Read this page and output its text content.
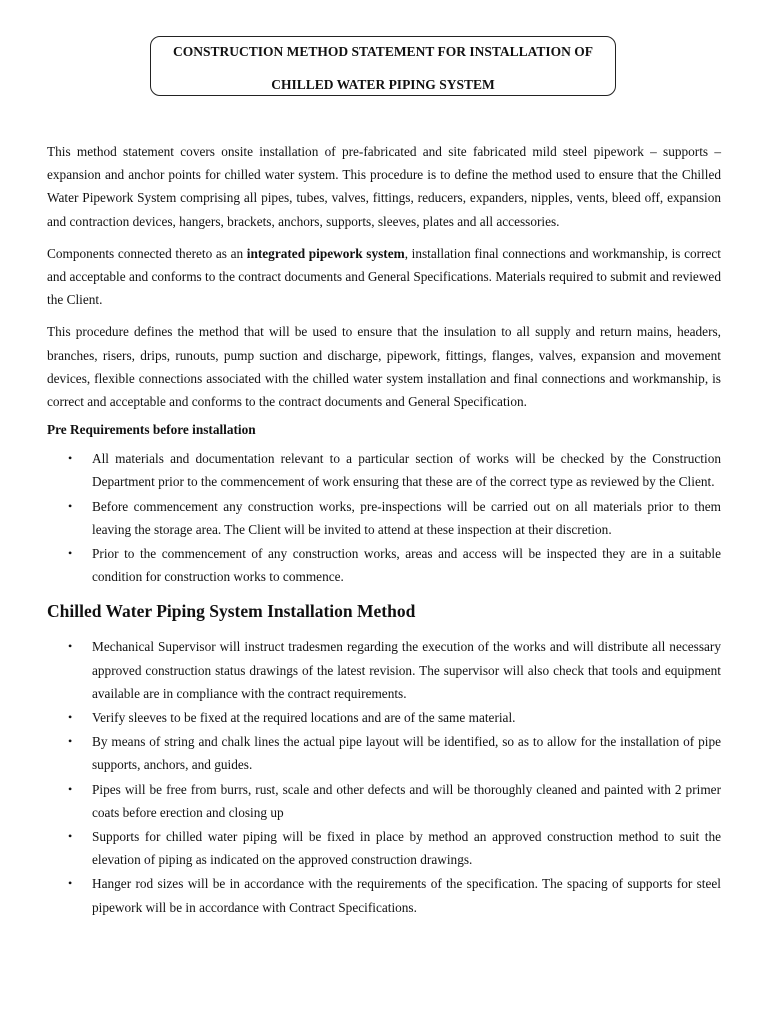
CONSTRUCTION METHOD STATEMENT FOR INSTALLATION OF
CHILLED WATER PIPING SYSTEM

This method statement covers onsite installation of pre-fabricated and site fabricated mild steel pipework – supports – expansion and anchor points for chilled water system. This procedure is to define the method used to ensure that the Chilled Water Pipework System comprising all pipes, tubes, valves, fittings, reducers, expanders, nipples, vents, bleed off, expansion and contraction devices, hangers, brackets, anchors, supports, sleeves, plates and all accessories.

Components connected thereto as an integrated pipework system, installation final connections and workmanship, is correct and acceptable and conforms to the contract documents and General Specifications. Materials required to submit and reviewed the Client.

This procedure defines the method that will be used to ensure that the insulation to all supply and return mains, headers, branches, risers, drips, runouts, pump suction and discharge, pipework, fittings, flanges, valves, expansion and movement devices, flexible connections associated with the chilled water system installation and final connections and workmanship, is correct and acceptable and conforms to the contract documents and General Specification.

Pre Requirements before installation
• All materials and documentation relevant to a particular section of works will be checked by the Construction Department prior to the commencement of work ensuring that these are of the correct type as reviewed by the Client.
• Before commencement any construction works, pre-inspections will be carried out on all materials prior to them leaving the storage area. The Client will be invited to attend at these inspection at their discretion.
• Prior to the commencement of any construction works, areas and access will be inspected they are in a suitable condition for construction works to commence.
Chilled Water Piping System Installation Method
• Mechanical Supervisor will instruct tradesmen regarding the execution of the works and will distribute all necessary approved construction status drawings of the latest revision. The supervisor will also check that tools and equipment available are in compliance with the contract requirements.
• Verify sleeves to be fixed at the required locations and are of the same material.
• By means of string and chalk lines the actual pipe layout will be identified, so as to allow for the installation of pipe supports, anchors, and guides.
• Pipes will be free from burrs, rust, scale and other defects and will be thoroughly cleaned and painted with 2 primer coats before erection and closing up
• Supports for chilled water piping will be fixed in place by method an approved construction method to suit the elevation of piping as indicated on the approved construction drawings.
• Hanger rod sizes will be in accordance with the requirements of the specification. The spacing of supports for steel pipework will be in accordance with Contract Specifications.
